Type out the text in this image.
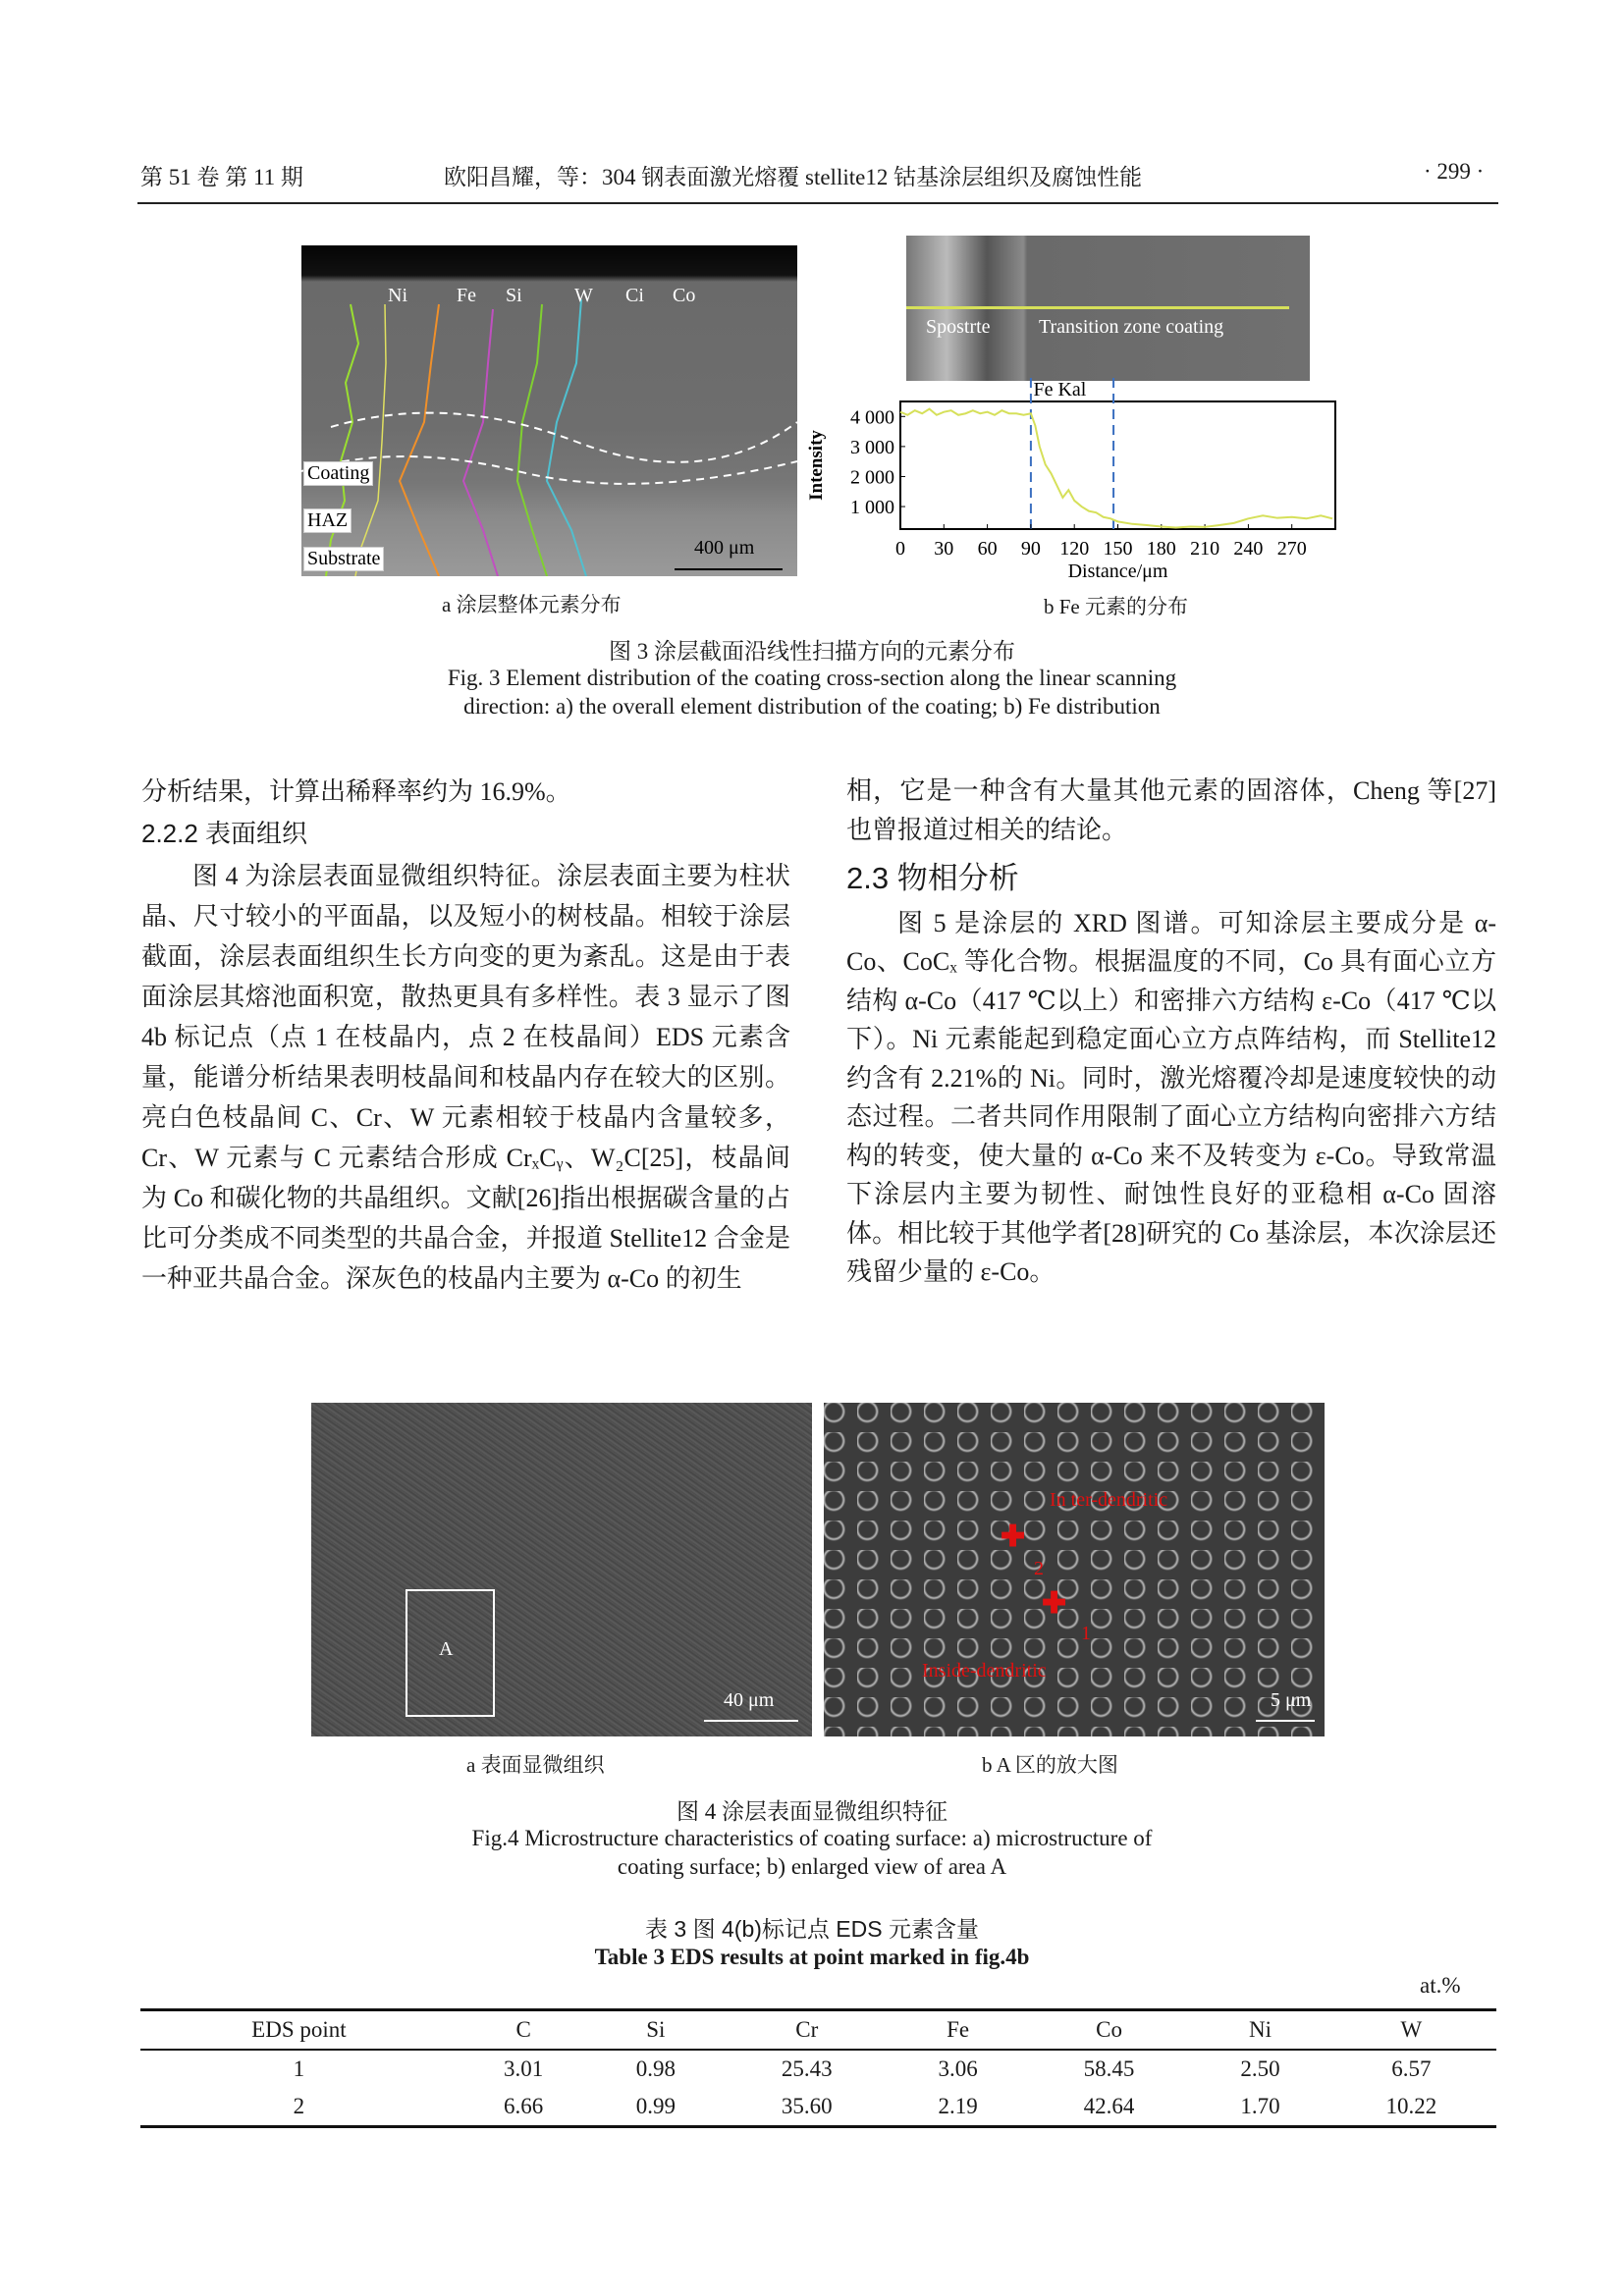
第 51 卷 第 11 期	欧阳昌耀，等：304 钢表面激光熔覆 stellite12 钴基涂层组织及腐蚀性能	· 299 ·
Ni	Fe Si	W Ci Co
Coating
HAZ
Substrate	400 μm
a 涂层整体元素分布
Spostrte Transition zone coating
0 30 60 90 120 150 180 210 240 270
1 000
2 000
3 000
4 000
Distance/μm
Intensity
Fe Kal
b Fe 元素的分布
图 3 涂层截面沿线性扫描方向的元素分布
Fig. 3 Element distribution of the coating cross-section along the linear scanning
direction: a) the overall element distribution of the coating; b) Fe distribution

分析结果，计算出稀释率约为 16.9%。

2.2.2 表面组织

图 4 为涂层表面显微组织特征。涂层表面主要为柱状晶、尺寸较小的平面晶，以及短小的树枝晶。相较于涂层截面，涂层表面组织生长方向变的更为紊乱。这是由于表面涂层其熔池面积宽，散热更具有多样性。表 3 显示了图 4b 标记点（点 1 在枝晶内，点 2 在枝晶间）EDS 元素含量，能谱分析结果表明枝晶间和枝晶内存在较大的区别。亮白色枝晶间 C、Cr、W 元素相较于枝晶内含量较多，Cr、W 元素与 C 元素结合形成 CrₓCᵧ、W₂C[25]，枝晶间为 Co 和碳化物的共晶组织。文献[26]指出根据碳含量的占比可分类成不同类型的共晶合金，并报道 Stellite12 合金是一种亚共晶合金。深灰色的枝晶内主要为 α-Co 的初生

相，它是一种含有大量其他元素的固溶体，Cheng 等[27]也曾报道过相关的结论。

2.3 物相分析

图 5 是涂层的 XRD 图谱。可知涂层主要成分是 α-Co、CoCₓ 等化合物。根据温度的不同，Co 具有面心立方结构 α-Co（417 ℃以上）和密排六方结构 ε-Co（417 ℃以下）。Ni 元素能起到稳定面心立方点阵结构，而 Stellite12 约含有 2.21%的 Ni。同时，激光熔覆冷却是速度较快的动态过程。二者共同作用限制了面心立方结构向密排六方结构的转变，使大量的 α-Co 来不及转变为 ε-Co。导致常温下涂层内主要为韧性、耐蚀性良好的亚稳相 α-Co 固溶体。相比较于其他学者[28]研究的 Co 基涂层，本次涂层还残留少量的 ε-Co。

A
40 μm
a 表面显微组织
In ter-dendritic
Inside-dendritic
✚
2
✚
1
5 μm
b A 区的放大图
图 4 涂层表面显微组织特征
Fig.4 Microstructure characteristics of coating surface: a) microstructure of
coating surface; b) enlarged view of area A
表 3 图 4(b)标记点 EDS 元素含量
Table 3 EDS results at point marked in fig.4b
at.%
EDS point	C	Si	Cr	Fe	Co	Ni	W
1	3.01	0.98	25.43	3.06	58.45	2.50	6.57
2	6.66	0.99	35.60	2.19	42.64	1.70	10.22
